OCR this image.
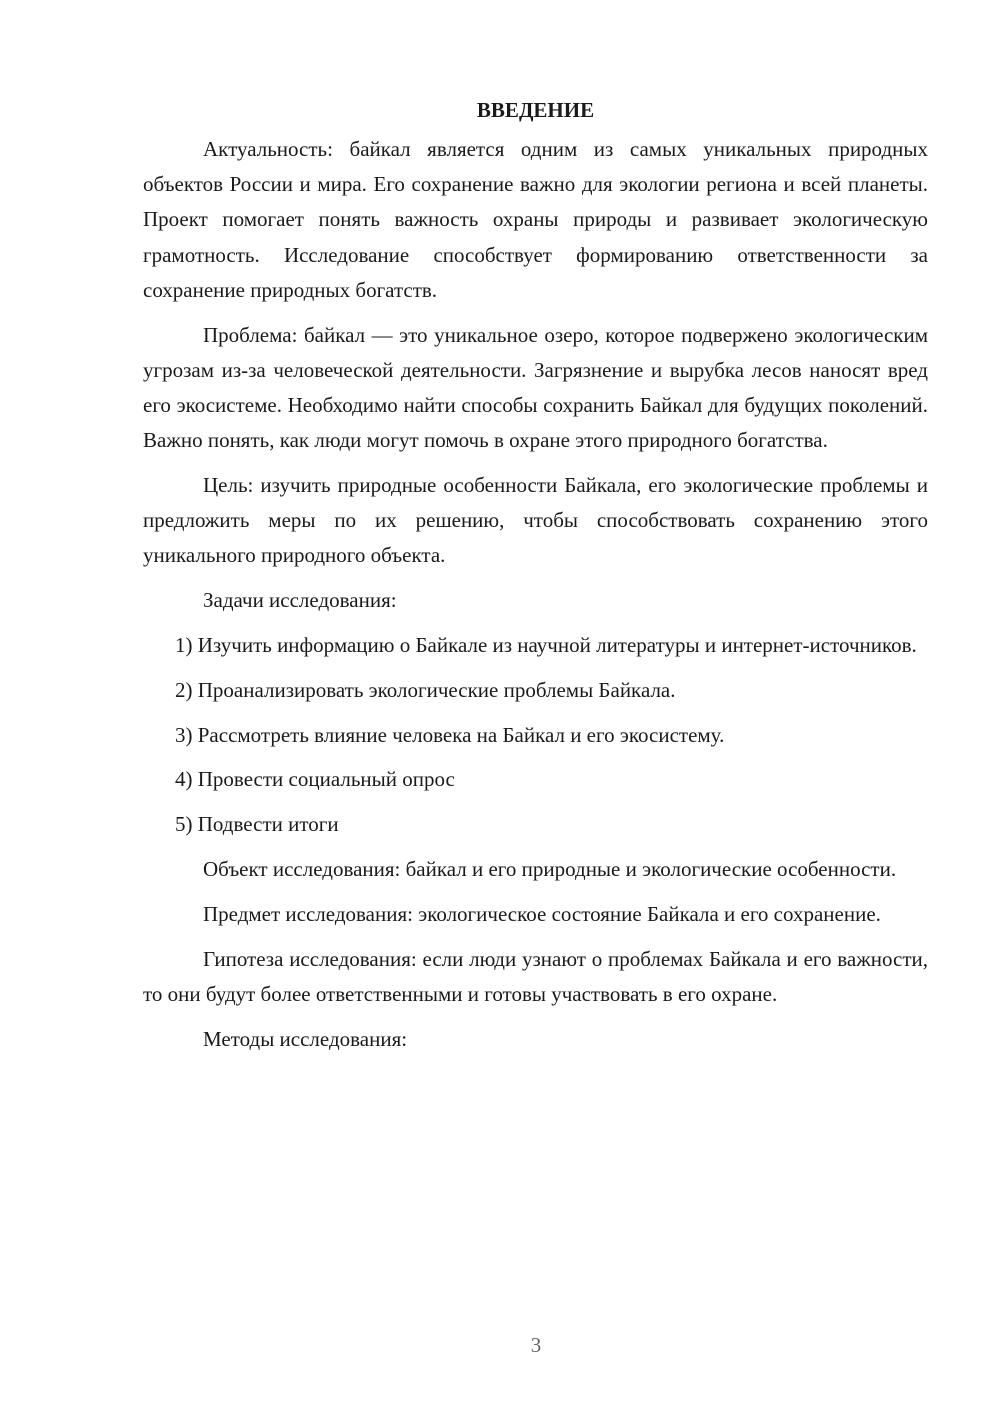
ВВЕДЕНИЕ

Актуальность: байкал является одним из самых уникальных природных объектов России и мира. Его сохранение важно для экологии региона и всей планеты. Проект помогает понять важность охраны природы и развивает экологическую грамотность. Исследование способствует формированию ответственности за сохранение природных богатств.

Проблема: байкал — это уникальное озеро, которое подвержено экологическим угрозам из-за человеческой деятельности. Загрязнение и вырубка лесов наносят вред его экосистеме. Необходимо найти способы сохранить Байкал для будущих поколений. Важно понять, как люди могут помочь в охране этого природного богатства.

Цель: изучить природные особенности Байкала, его экологические проблемы и предложить меры по их решению, чтобы способствовать сохранению этого уникального природного объекта.

Задачи исследования:

1) Изучить информацию о Байкале из научной литературы и интернет-источников.

2) Проанализировать экологические проблемы Байкала.

3) Рассмотреть влияние человека на Байкал и его экосистему.

4) Провести социальный опрос

5) Подвести итоги

Объект исследования: байкал и его природные и экологические особенности.

Предмет исследования: экологическое состояние Байкала и его сохранение.

Гипотеза исследования: если люди узнают о проблемах Байкала и его важности, то они будут более ответственными и готовы участвовать в его охране.

Методы исследования:

3
